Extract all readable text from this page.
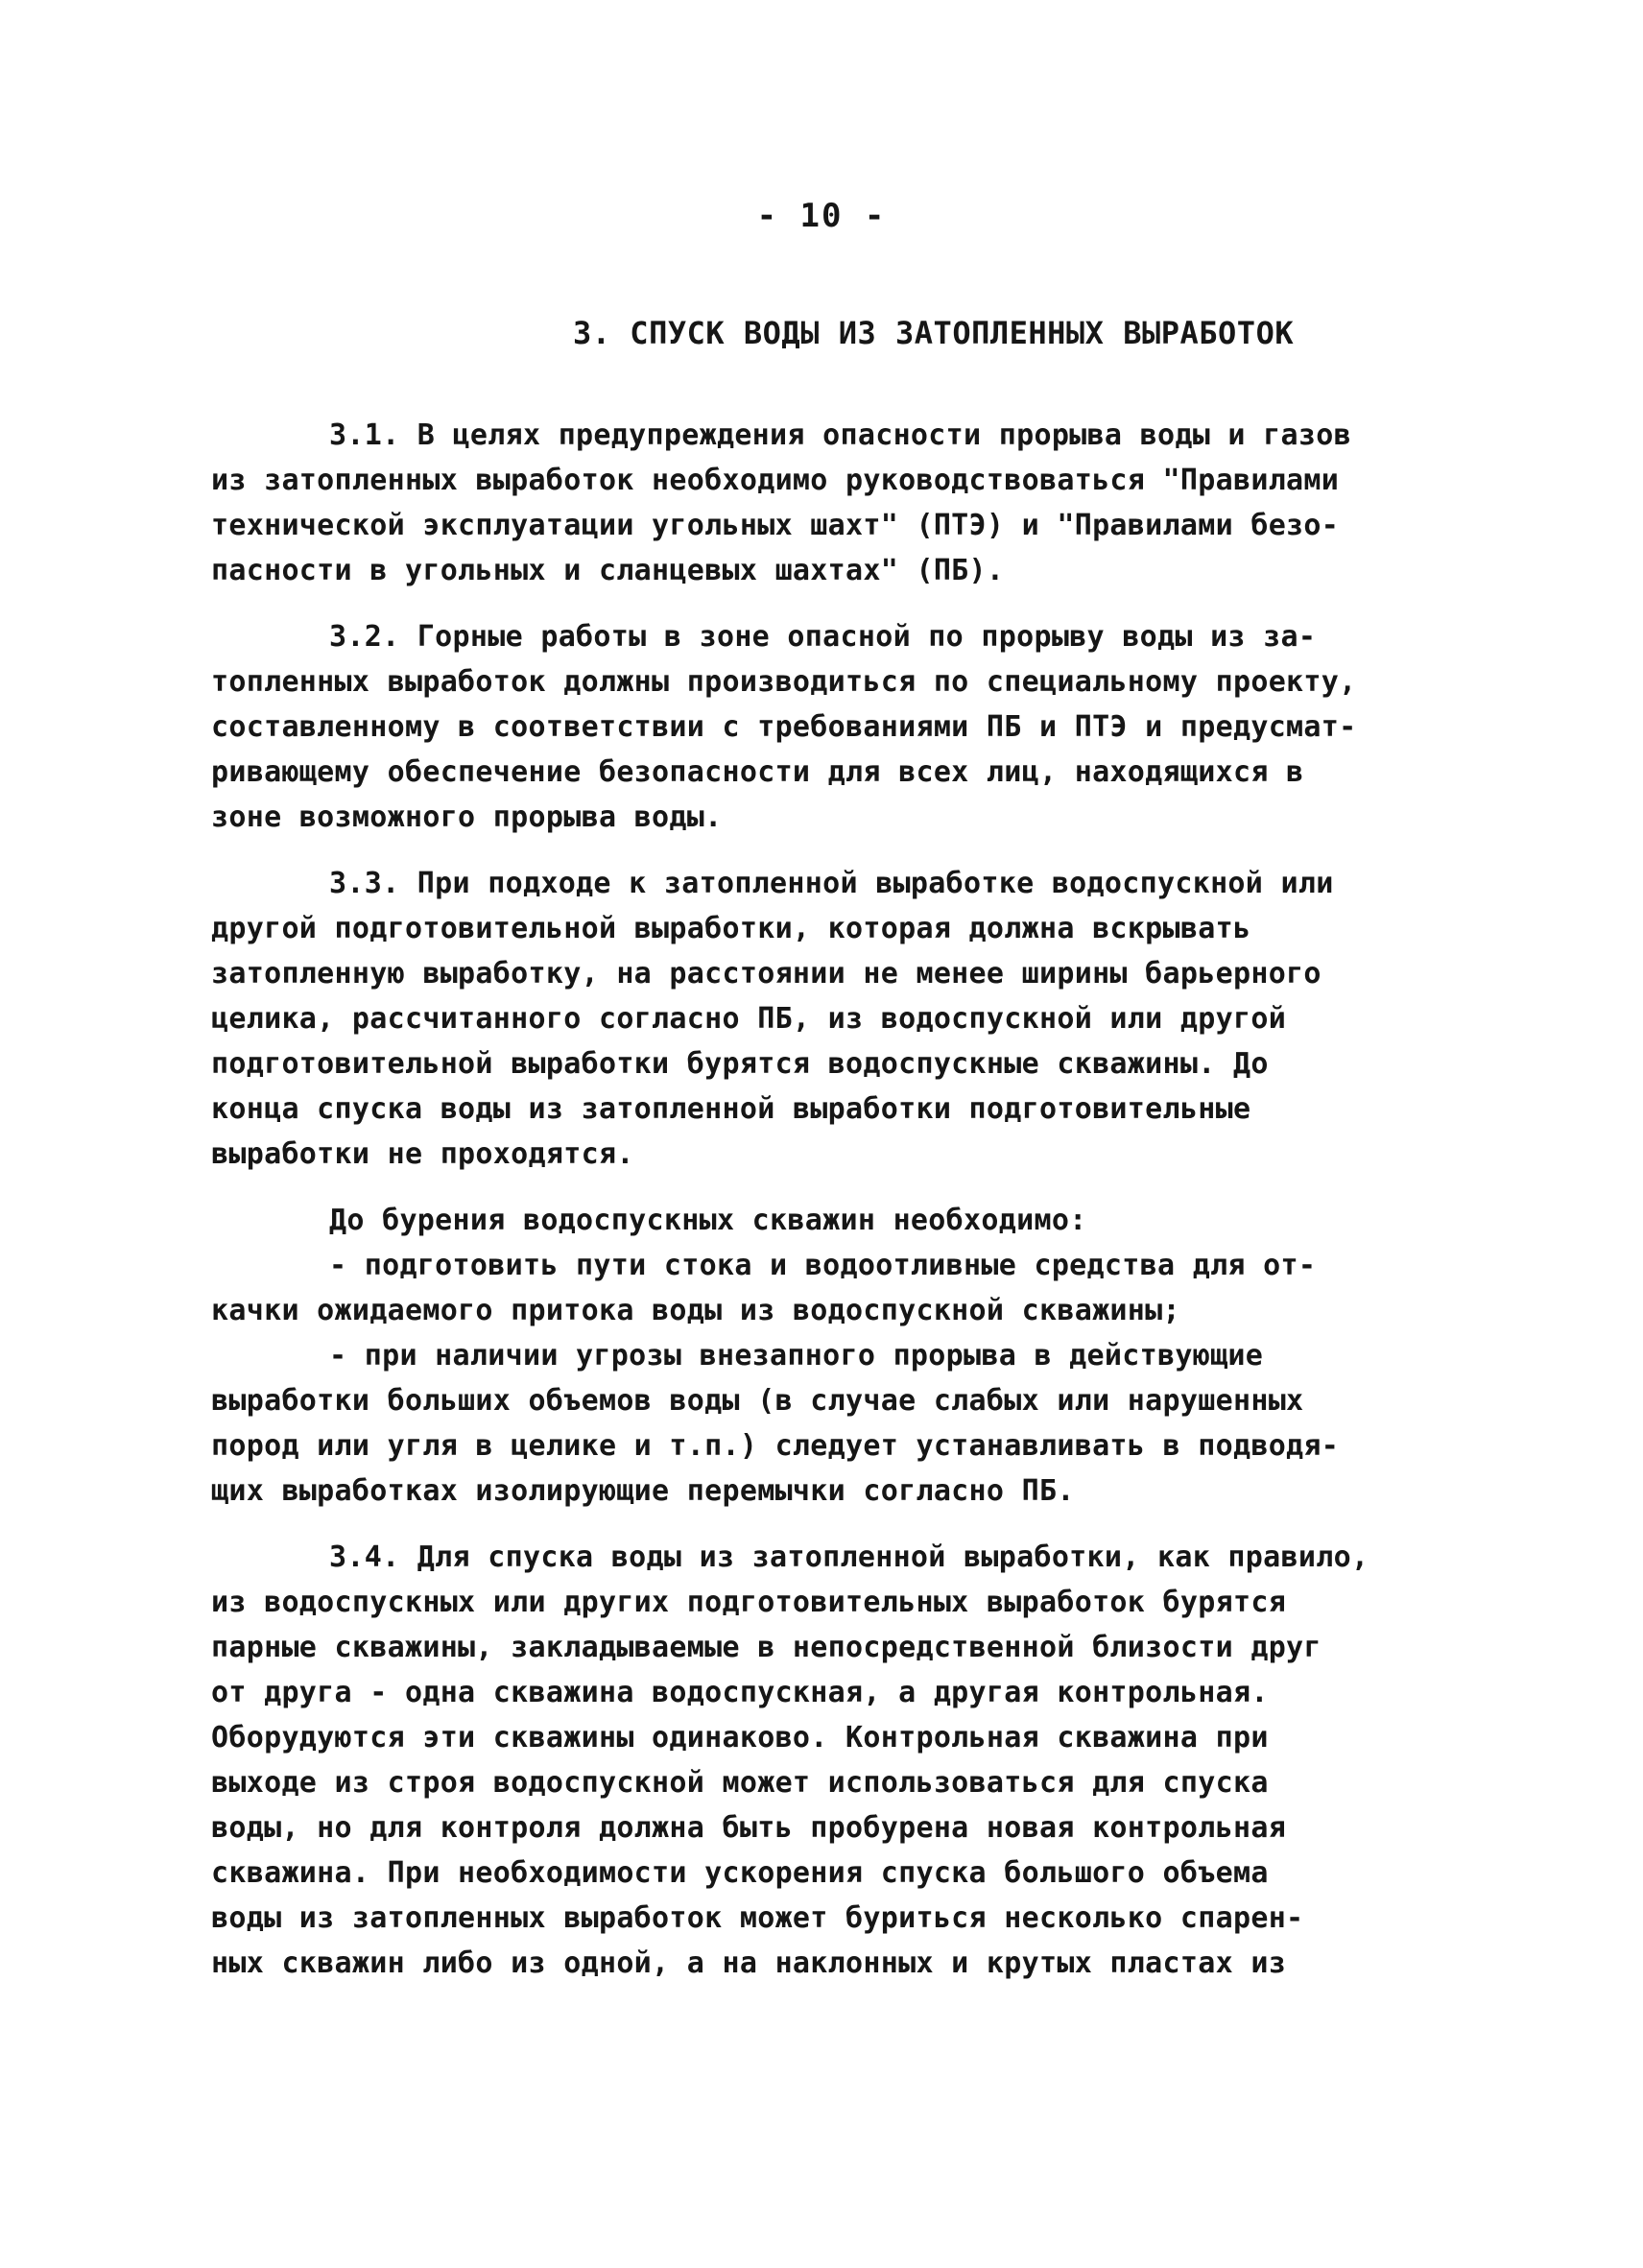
- 10 -
3. СПУСК ВОДЫ ИЗ ЗАТОПЛЕННЫХ ВЫРАБОТОК
3.1. В целях предупреждения опасности прорыва воды и газов
из затопленных выработок необходимо руководствоваться "Правилами
технической эксплуатации угольных шахт" (ПТЭ) и "Правилами безо-
пасности в угольных и сланцевых шахтах" (ПБ).
3.2. Горные работы в зоне опасной по прорыву воды из за-
топленных выработок должны производиться по специальному проекту,
составленному в соответствии с требованиями ПБ и ПТЭ и предусмат-
ривающему обеспечение безопасности для всех лиц, находящихся в
зоне возможного прорыва воды.
3.3. При подходе к затопленной выработке водоспускной или
другой подготовительной выработки, которая должна вскрывать
затопленную выработку, на расстоянии не менее ширины барьерного
целика, рассчитанного согласно ПБ, из водоспускной или другой
подготовительной выработки бурятся водоспускные скважины. До
конца спуска воды из затопленной выработки подготовительные
выработки не проходятся.
До бурения водоспускных скважин необходимо:
- подготовить пути стока и водоотливные средства для от-
качки ожидаемого притока воды из водоспускной скважины;
- при наличии угрозы внезапного прорыва в действующие
выработки больших объемов воды (в случае слабых или нарушенных
пород или угля в целике и т.п.) следует устанавливать в подводя-
щих выработках изолирующие перемычки согласно ПБ.
3.4. Для спуска воды из затопленной выработки, как правило,
из водоспускных или других подготовительных выработок бурятся
парные скважины, закладываемые в непосредственной близости друг
от друга - одна скважина водоспускная, а другая контрольная.
Оборудуются эти скважины одинаково. Контрольная скважина при
выходе из строя водоспускной может использоваться для спуска
воды, но для контроля должна быть пробурена новая контрольная
скважина. При необходимости ускорения спуска большого объема
воды из затопленных выработок может буриться несколько спарен-
ных скважин либо из одной, а на наклонных и крутых пластах из
